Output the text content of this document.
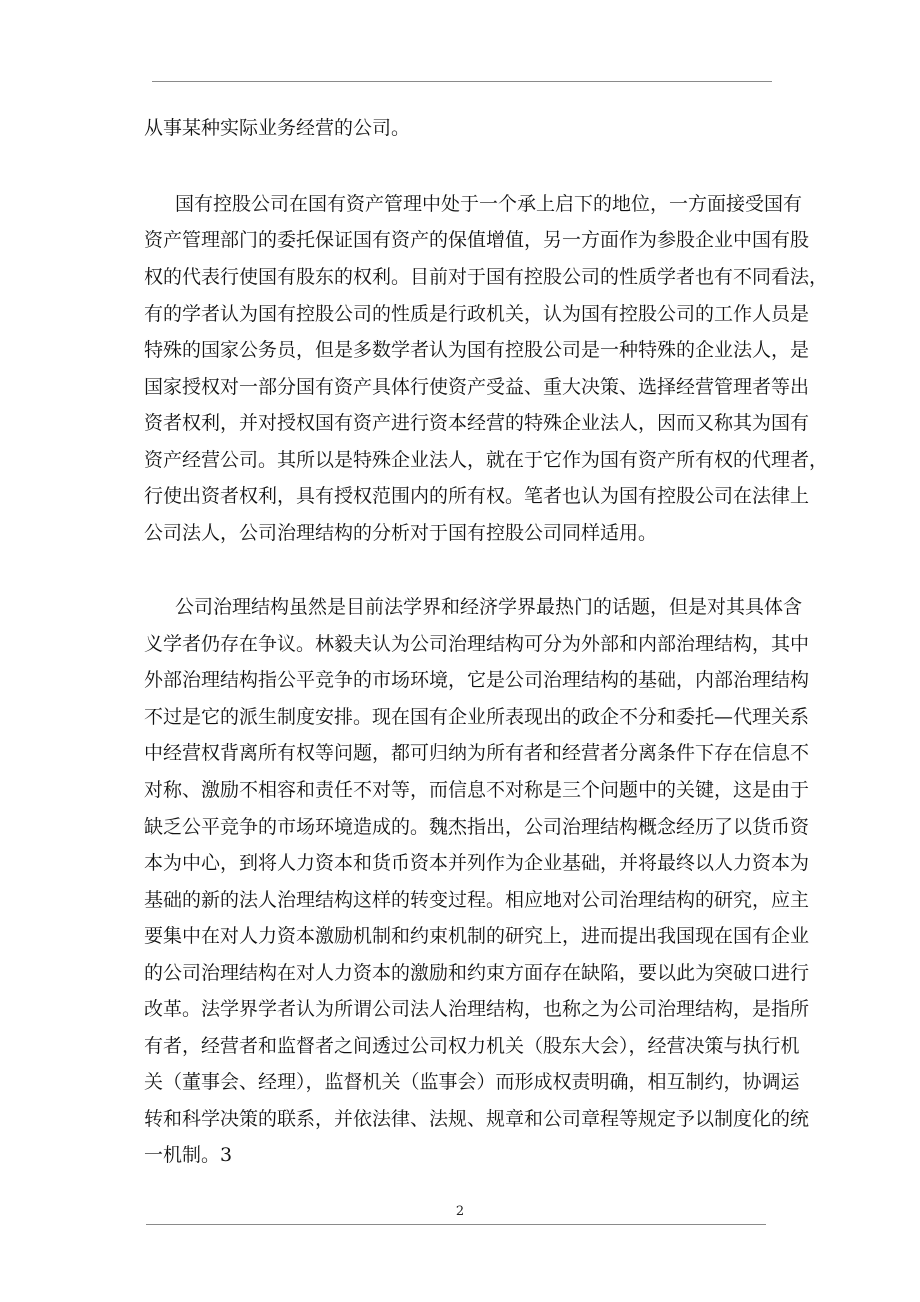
从事某种实际业务经营的公司。
国有控股公司在国有资产管理中处于一个承上启下的地位，一方面接受国有
资产管理部门的委托保证国有资产的保值增值，另一方面作为参股企业中国有股
权的代表行使国有股东的权利。目前对于国有控股公司的性质学者也有不同看法，
有的学者认为国有控股公司的性质是行政机关，认为国有控股公司的工作人员是
特殊的国家公务员，但是多数学者认为国有控股公司是一种特殊的企业法人，是
国家授权对一部分国有资产具体行使资产受益、重大决策、选择经营管理者等出
资者权利，并对授权国有资产进行资本经营的特殊企业法人，因而又称其为国有
资产经营公司。其所以是特殊企业法人，就在于它作为国有资产所有权的代理者，
行使出资者权利，具有授权范围内的所有权。笔者也认为国有控股公司在法律上
公司法人，公司治理结构的分析对于国有控股公司同样适用。
公司治理结构虽然是目前法学界和经济学界最热门的话题，但是对其具体含
义学者仍存在争议。林毅夫认为公司治理结构可分为外部和内部治理结构，其中
外部治理结构指公平竞争的市场环境，它是公司治理结构的基础，内部治理结构
不过是它的派生制度安排。现在国有企业所表现出的政企不分和委托—代理关系
中经营权背离所有权等问题，都可归纳为所有者和经营者分离条件下存在信息不
对称、激励不相容和责任不对等，而信息不对称是三个问题中的关键，这是由于
缺乏公平竞争的市场环境造成的。魏杰指出，公司治理结构概念经历了以货币资
本为中心，到将人力资本和货币资本并列作为企业基础，并将最终以人力资本为
基础的新的法人治理结构这样的转变过程。相应地对公司治理结构的研究，应主
要集中在对人力资本激励机制和约束机制的研究上，进而提出我国现在国有企业
的公司治理结构在对人力资本的激励和约束方面存在缺陷，要以此为突破口进行
改革。法学界学者认为所谓公司法人治理结构，也称之为公司治理结构，是指所
有者，经营者和监督者之间透过公司权力机关（股东大会），经营决策与执行机
关（董事会、经理），监督机关（监事会）而形成权责明确，相互制约，协调运
转和科学决策的联系，并依法律、法规、规章和公司章程等规定予以制度化的统
一机制。3
2
